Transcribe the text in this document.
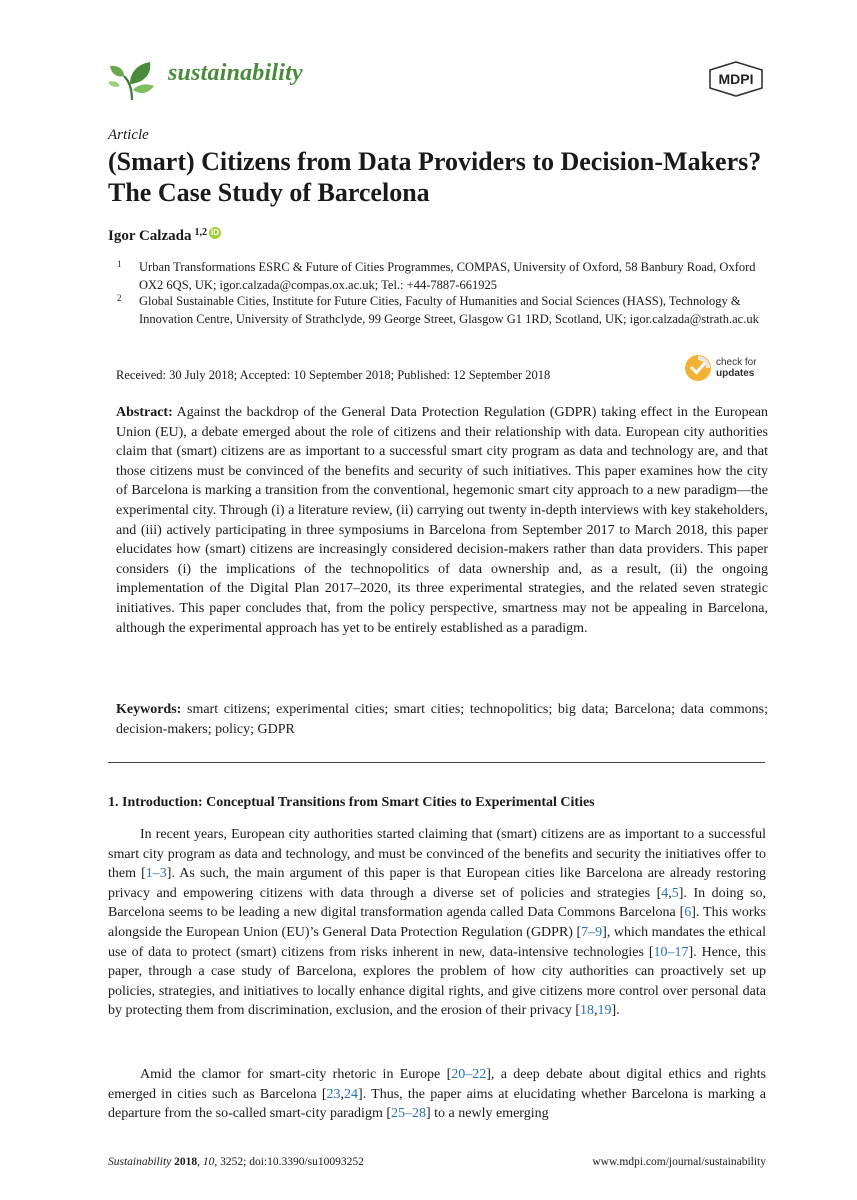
sustainability	MDPI
Article
(Smart) Citizens from Data Providers to Decision-Makers? The Case Study of Barcelona
Igor Calzada $^{1,2}$ iD
1 Urban Transformations ESRC & Future of Cities Programmes, COMPAS, University of Oxford, 58 Banbury Road, Oxford OX2 6QS, UK; igor.calzada@compas.ox.ac.uk; Tel.: +44-7887-661925
2 Global Sustainable Cities, Institute for Future Cities, Faculty of Humanities and Social Sciences (HASS), Technology & Innovation Centre, University of Strathclyde, 99 George Street, Glasgow G1 1RD, Scotland, UK; igor.calzada@strath.ac.uk
Received: 30 July 2018; Accepted: 10 September 2018; Published: 12 September 2018
check for
updates

Abstract: Against the backdrop of the General Data Protection Regulation (GDPR) taking effect in the European Union (EU), a debate emerged about the role of citizens and their relationship with data. European city authorities claim that (smart) citizens are as important to a successful smart city program as data and technology are, and that those citizens must be convinced of the benefits and security of such initiatives. This paper examines how the city of Barcelona is marking a transition from the conventional, hegemonic smart city approach to a new paradigm—the experimental city. Through (i) a literature review, (ii) carrying out twenty in-depth interviews with key stakeholders, and (iii) actively participating in three symposiums in Barcelona from September 2017 to March 2018, this paper elucidates how (smart) citizens are increasingly considered decision-makers rather than data providers. This paper considers (i) the implications of the technopolitics of data ownership and, as a result, (ii) the ongoing implementation of the Digital Plan 2017–2020, its three experimental strategies, and the related seven strategic initiatives. This paper concludes that, from the policy perspective, smartness may not be appealing in Barcelona, although the experimental approach has yet to be entirely established as a paradigm.

Keywords: smart citizens; experimental cities; smart cities; technopolitics; big data; Barcelona; data commons; decision-makers; policy; GDPR

1. Introduction: Conceptual Transitions from Smart Cities to Experimental Cities

In recent years, European city authorities started claiming that (smart) citizens are as important to a successful smart city program as data and technology, and must be convinced of the benefits and security the initiatives offer to them [1–3]. As such, the main argument of this paper is that European cities like Barcelona are already restoring privacy and empowering citizens with data through a diverse set of policies and strategies [4,5]. In doing so, Barcelona seems to be leading a new digital transformation agenda called Data Commons Barcelona [6]. This works alongside the European Union (EU)’s General Data Protection Regulation (GDPR) [7–9], which mandates the ethical use of data to protect (smart) citizens from risks inherent in new, data-intensive technologies [10–17]. Hence, this paper, through a case study of Barcelona, explores the problem of how city authorities can proactively set up policies, strategies, and initiatives to locally enhance digital rights, and give citizens more control over personal data by protecting them from discrimination, exclusion, and the erosion of their privacy [18,19].

Amid the clamor for smart-city rhetoric in Europe [20–22], a deep debate about digital ethics and rights emerged in cities such as Barcelona [23,24]. Thus, the paper aims at elucidating whether Barcelona is marking a departure from the so-called smart-city paradigm [25–28] to a newly emerging

Sustainability 2018, 10, 3252; doi:10.3390/su10093252	www.mdpi.com/journal/sustainability
